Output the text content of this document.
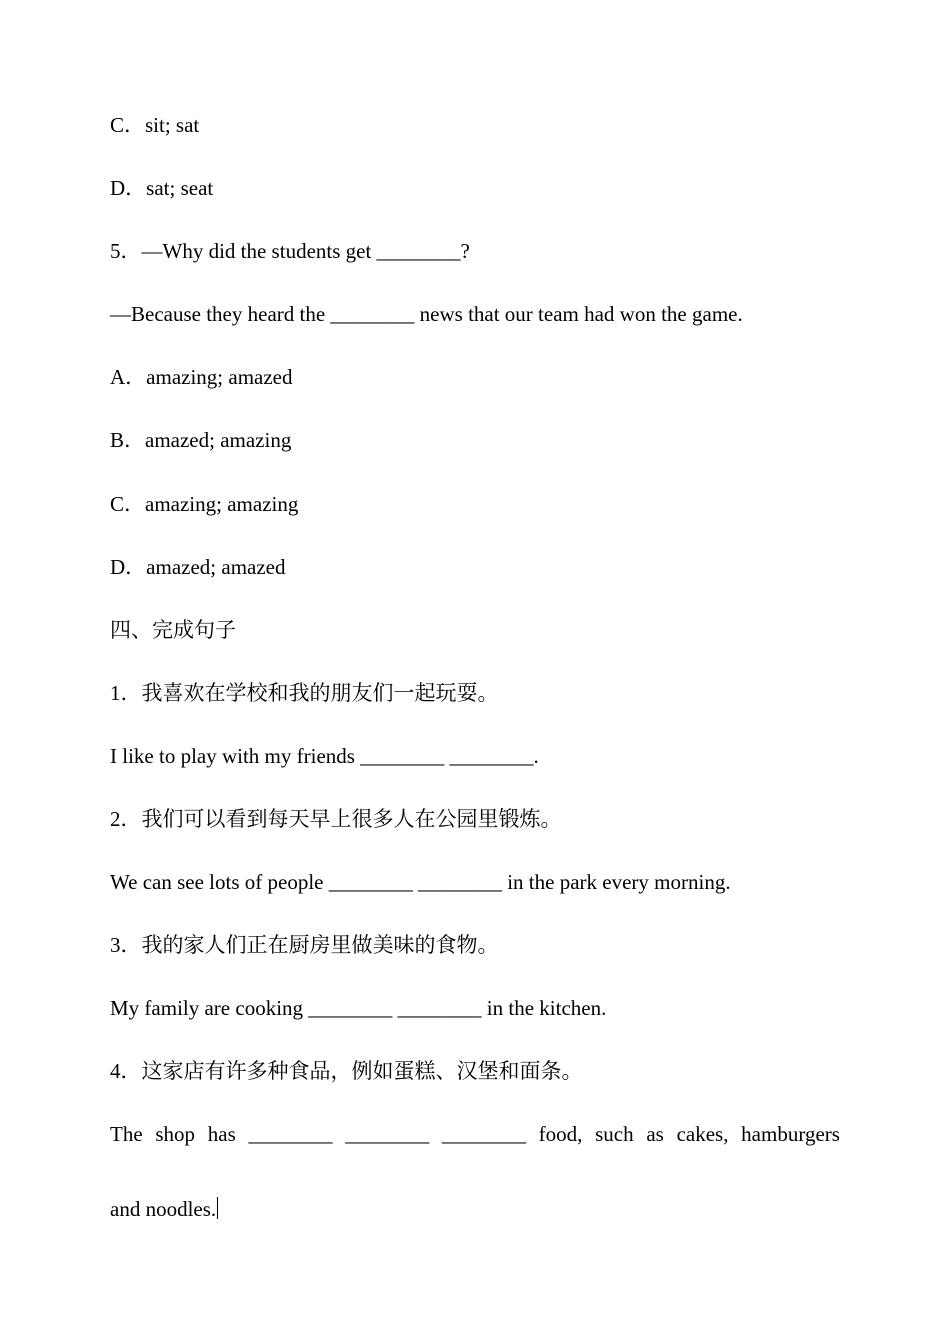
C．sit; sat
D．sat; seat
5．—Why did the students get ________?
—Because they heard the ________ news that our team had won the game.
A．amazing; amazed
B．amazed; amazing
C．amazing; amazing
D．amazed; amazed
四、完成句子
1．我喜欢在学校和我的朋友们一起玩耍。
I like to play with my friends ________ ________.
2．我们可以看到每天早上很多人在公园里锻炼。
We can see lots of people ________ ________ in the park every morning.
3．我的家人们正在厨房里做美味的食物。
My family are cooking ________ ________ in the kitchen.
4．这家店有许多种食品，例如蛋糕、汉堡和面条。
The shop has ________ ________ ________ food, such as cakes, hamburgers
and noodles.
